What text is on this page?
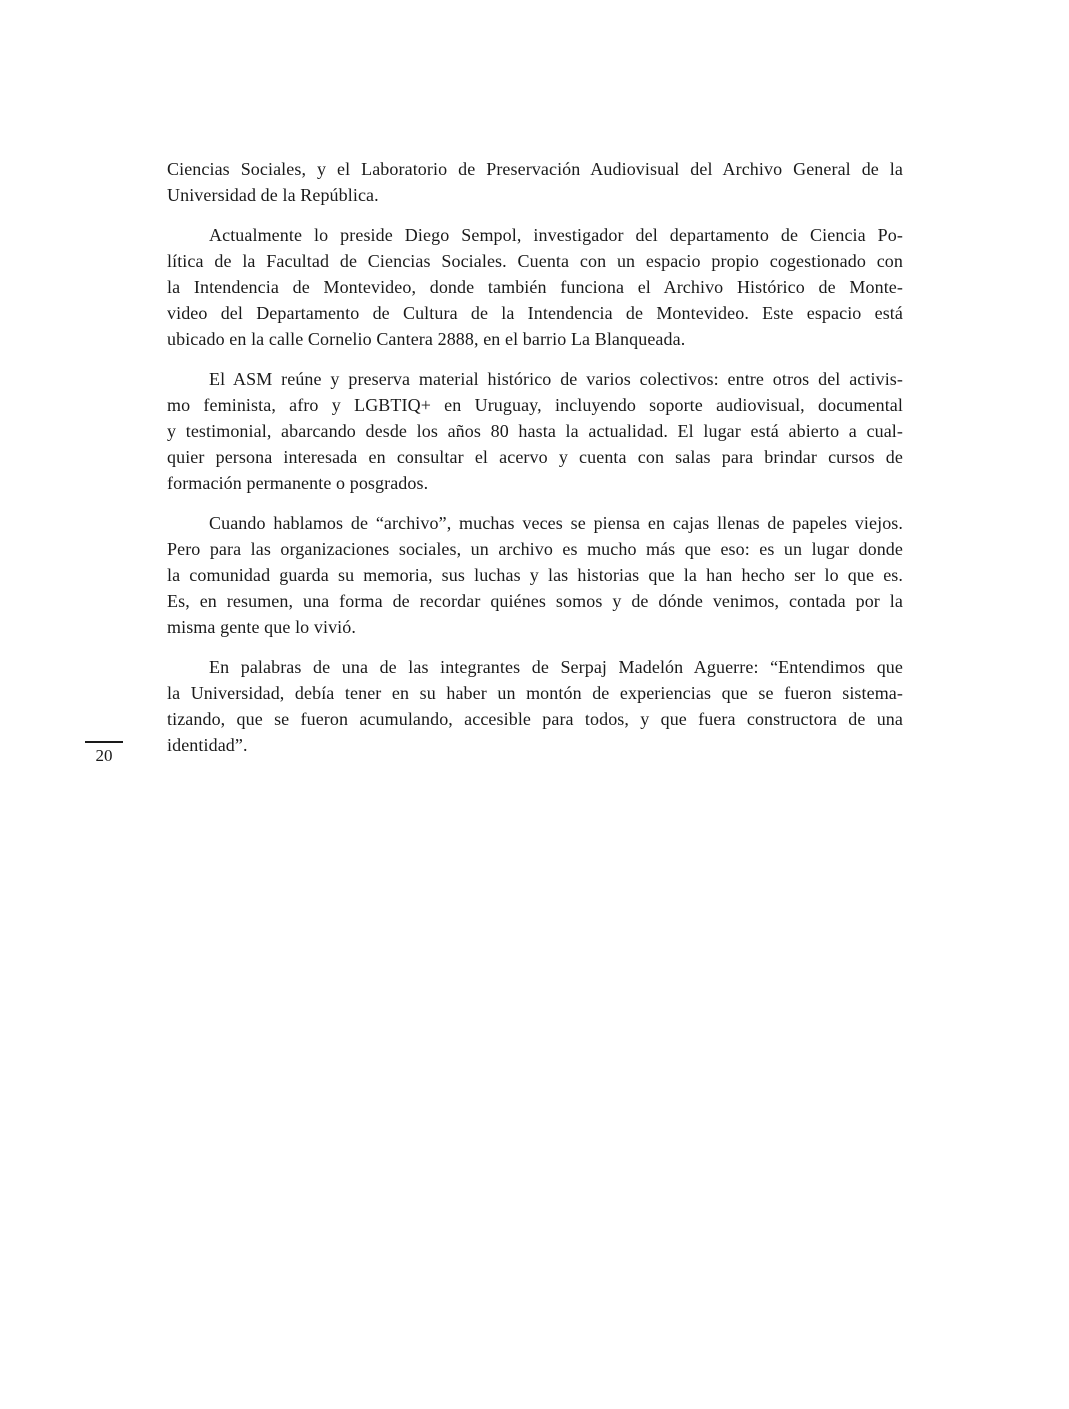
Ciencias Sociales, y el Laboratorio de Preservación Audiovisual del Archivo General de la
Universidad de la República.
Actualmente lo preside Diego Sempol, investigador del departamento de Ciencia Po-
lítica de la Facultad de Ciencias Sociales. Cuenta con un espacio propio cogestionado con
la Intendencia de Montevideo, donde también funciona el Archivo Histórico de Monte-
video del Departamento de Cultura de la Intendencia de Montevideo. Este espacio está
ubicado en la calle Cornelio Cantera 2888, en el barrio La Blanqueada.
El ASM reúne y preserva material histórico de varios colectivos: entre otros del activis-
mo feminista, afro y LGBTIQ+ en Uruguay, incluyendo soporte audiovisual, documental
y testimonial, abarcando desde los años 80 hasta la actualidad. El lugar está abierto a cual-
quier persona interesada en consultar el acervo y cuenta con salas para brindar cursos de
formación permanente o posgrados.
Cuando hablamos de “archivo”, muchas veces se piensa en cajas llenas de papeles viejos.
Pero para las organizaciones sociales, un archivo es mucho más que eso: es un lugar donde
la comunidad guarda su memoria, sus luchas y las historias que la han hecho ser lo que es.
Es, en resumen, una forma de recordar quiénes somos y de dónde venimos, contada por la
misma gente que lo vivió.
En palabras de una de las integrantes de Serpaj Madelón Aguerre: “Entendimos que
la Universidad, debía tener en su haber un montón de experiencias que se fueron sistema-
tizando, que se fueron acumulando, accesible para todos, y que fuera constructora de una
identidad”.
20
